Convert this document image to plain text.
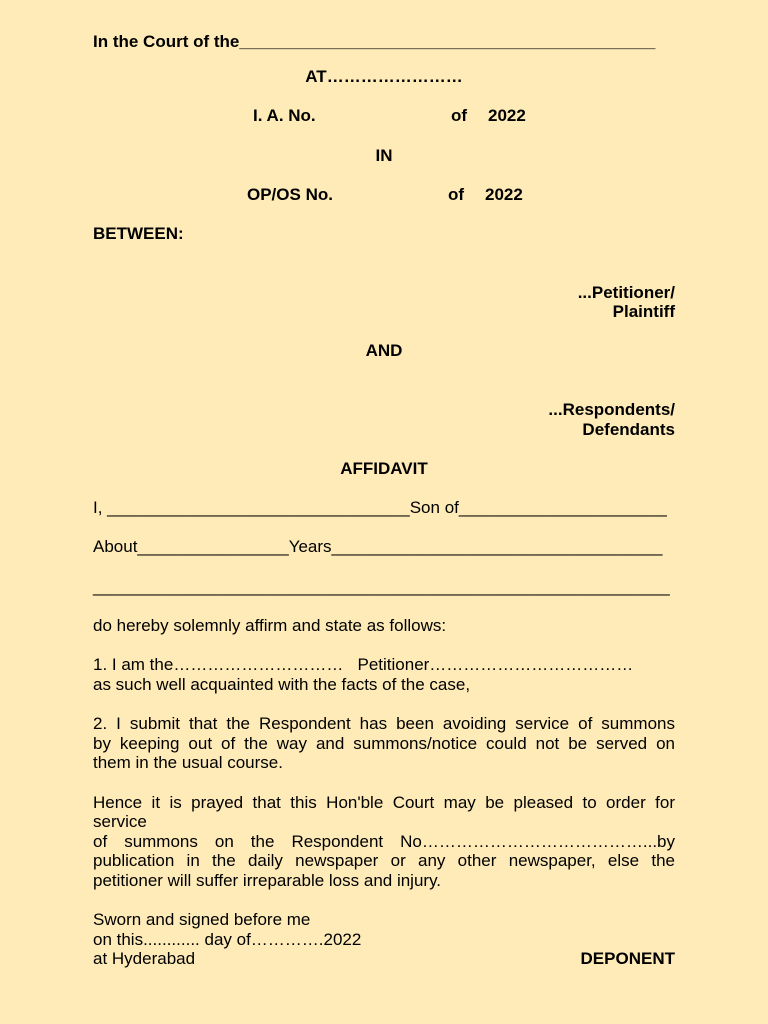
In the Court of the____________________________________________
AT……………………
I. A. No.	of 2022
IN
OP/OS No.	of 2022
BETWEEN:
...Petitioner/
Plaintiff
AND
...Respondents/
Defendants
AFFIDAVIT
I, ________________________________Son of______________________
About________________Years___________________________________
_____________________________________________________________
do hereby solemnly affirm and state as follows:
1. I am the…………………………   Petitioner………………………………
as such well acquainted with the facts of the case,
2. I submit that the Respondent has been avoiding service of summons
by keeping out of the way and summons/notice could not be served on
them in the usual course.
Hence it is prayed that this Hon'ble Court may be pleased to order for
service
of summons on the Respondent No…………………………………...by
publication in the daily newspaper or any other newspaper, else the
petitioner will suffer irreparable loss and injury.
Sworn and signed before me
on this............ day of………….2022
at Hyderabad	DEPONENT
